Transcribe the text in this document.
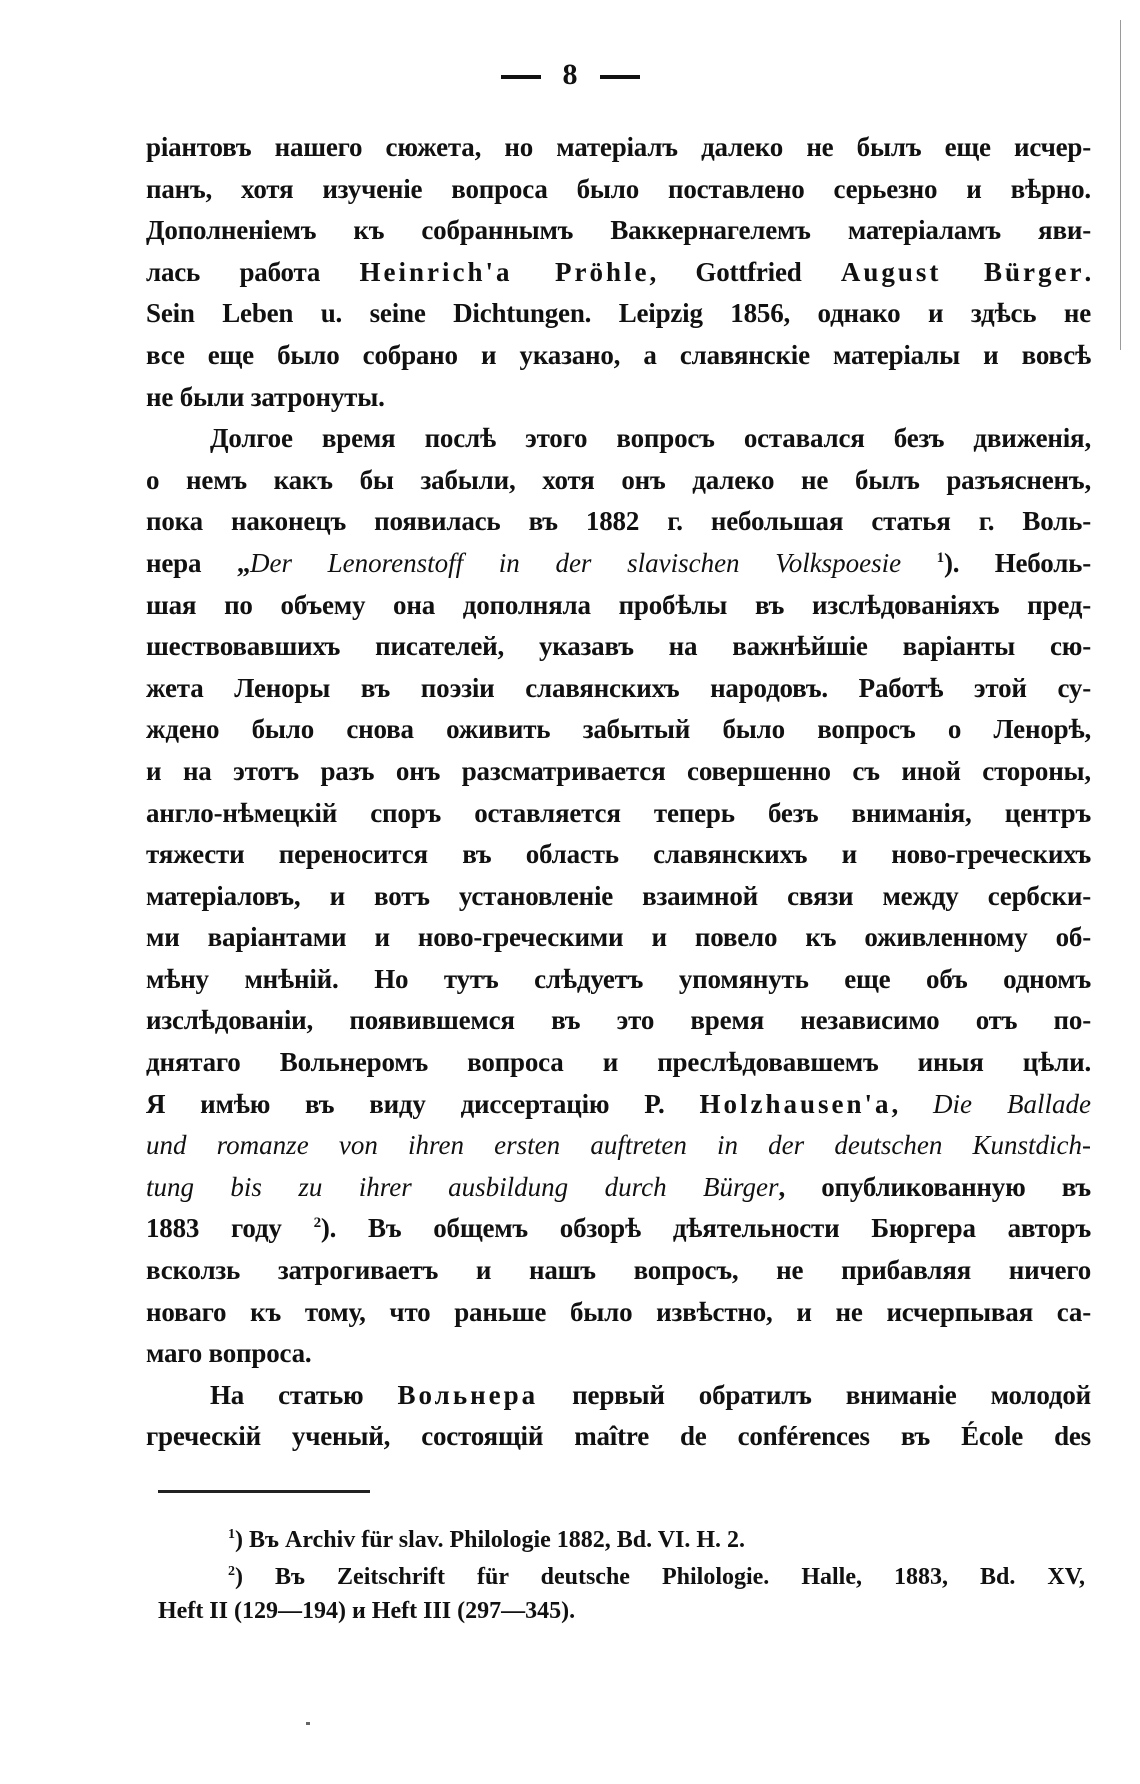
8
ріантовъ нашего сюжета, но матеріалъ далеко не былъ еще исчер-
панъ, хотя изученіе вопроса было поставлено серьезно и вѣрно.
Дополненіемъ къ собраннымъ Ваккернагелемъ матеріаламъ яви-
лась работа Heinrich'a Pröhle, Gottfried August Bürger.
Sein Leben u. seine Dichtungen. Leipzig 1856, однако и здѣсь не
все еще было собрано и указано, а славянскіе матеріалы и вовсѣ
не были затронуты.
Долгое время послѣ этого вопросъ оставался безъ движенія,
о немъ какъ бы забыли, хотя онъ далеко не былъ разъясненъ,
пока наконецъ появилась въ 1882 г. небольшая статья г. Воль-
нера „Der Lenorenstoff in der slavischen Volkspoesie $^1$). Неболь-
шая по объему она дополняла пробѣлы въ изслѣдованіяхъ пред-
шествовавшихъ писателей, указавъ на важнѣйшіе варіанты сю-
жета Леноры въ поэзіи славянскихъ народовъ. Работѣ этой су-
ждено было снова оживить забытый было вопросъ о Ленорѣ,
и на этотъ разъ онъ разсматривается совершенно съ иной стороны,
англо-нѣмецкій споръ оставляется теперь безъ вниманія, центръ
тяжести переносится въ область славянскихъ и ново-греческихъ
матеріаловъ, и вотъ установленіе взаимной связи между сербски-
ми варіантами и ново-греческими и повело къ оживленному об-
мѣну мнѣній. Но тутъ слѣдуетъ упомянуть еще объ одномъ
изслѣдованіи, появившемся въ это время независимо отъ по-
днятаго Вольнеромъ вопроса и преслѣдовавшемъ иныя цѣли.
Я имѣю въ виду диссертацію P. Holzhausen'a, Die Ballade
und romanze von ihren ersten auftreten in der deutschen Kunstdich-
tung bis zu ihrer ausbildung durch Bürger, опубликованную въ
1883 году $^2$). Въ общемъ обзорѣ дѣятельности Бюргера авторъ
всколзь затрогиваетъ и нашъ вопросъ, не прибавляя ничего
новаго къ тому, что раньше было извѣстно, и не исчерпывая са-
маго вопроса.
На статью Вольнера первый обратилъ вниманіе молодой
греческій ученый, состоящій maître de conférences въ École des
$^1$) Въ Archiv für slav. Philologie 1882, Bd. VI. H. 2.
$^2$) Въ Zeitschrift für deutsche Philologie. Halle, 1883, Bd. XV,
Heft II (129—194) и Heft III (297—345).
